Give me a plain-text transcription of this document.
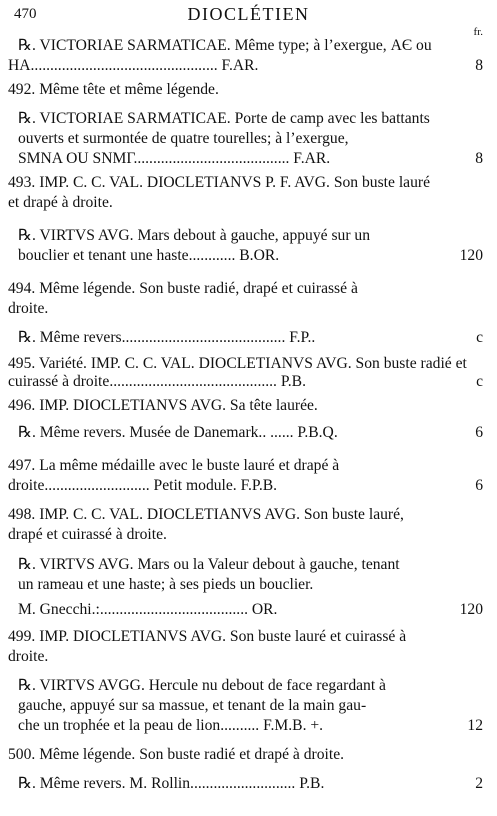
470	DIOCLÉTIEN
fr.
℞. VICTORIAE SARMATICAE. Même type; à l’exergue, ΑЄ ou
HA................................................ F.AR.	8
492. Même tête et même légende.
℞. VICTORIAE SARMATICAE. Porte de camp avec les battants
ouverts et surmontée de quatre tourelles; à l’exergue,
SMNA OU SNMΓ........................................ F.AR.	8
493. IMP. C. C. VAL. DIOCLETIANVS P. F. AVG. Son buste lauré
et drapé à droite.
℞. VIRTVS AVG. Mars debout à gauche, appuyé sur un
bouclier et tenant une haste............ B.OR.	120
494. Même légende. Son buste radié, drapé et cuirassé à
droite.
℞. Même revers.......................................... F.P..	c
495. Variété. IMP. C. C. VAL. DIOCLETIANVS AVG. Son buste radié et
cuirassé à droite........................................... P.B.	c
496. IMP. DIOCLETIANVS AVG. Sa tête laurée.
℞. Même revers. Musée de Danemark.. ...... P.B.Q.	6
497. La même médaille avec le buste lauré et drapé à
droite........................... Petit module. F.P.B.	6
498. IMP. C. C. VAL. DIOCLETIANVS AVG. Son buste lauré,
drapé et cuirassé à droite.
℞. VIRTVS AVG. Mars ou la Valeur debout à gauche, tenant
un rameau et une haste; à ses pieds un bouclier.
M. Gnecchi.:...................................... OR.	120
499. IMP. DIOCLETIANVS AVG. Son buste lauré et cuirassé à
droite.
℞. VIRTVS AVGG. Hercule nu debout de face regardant à
gauche, appuyé sur sa massue, et tenant de la main gau-
che un trophée et la peau de lion.......... F.M.B. +.	12
500. Même légende. Son buste radié et drapé à droite.
℞. Même revers. M. Rollin........................... P.B.	2
